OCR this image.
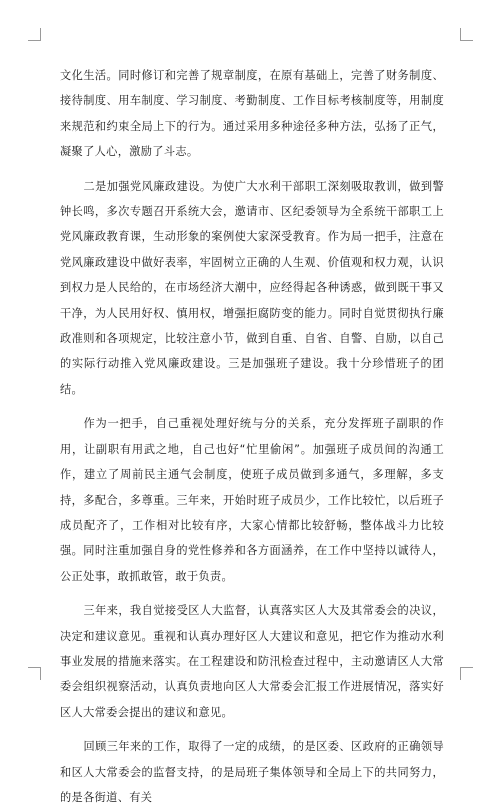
文化生活。同时修订和完善了规章制度，在原有基础上，完善了财务制度、接待制度、用车制度、学习制度、考勤制度、工作目标考核制度等，用制度来规范和约束全局上下的行为。通过采用多种途径多种方法，弘扬了正气，凝聚了人心，激励了斗志。

二是加强党风廉政建设。为使广大水利干部职工深刻吸取教训，做到警钟长鸣，多次专题召开系统大会，邀请市、区纪委领导为全系统干部职工上党风廉政教育课，生动形象的案例使大家深受教育。作为局一把手，注意在党风廉政建设中做好表率，牢固树立正确的人生观、价值观和权力观，认识到权力是人民给的，在市场经济大潮中，应经得起各种诱惑，做到既干事又干净，为人民用好权、慎用权，增强拒腐防变的能力。同时自觉贯彻执行廉政准则和各项规定，比较注意小节，做到自重、自省、自警、自励，以自己的实际行动推入党风廉政建设。三是加强班子建设。我十分珍惜班子的团结。

作为一把手，自己重视处理好统与分的关系，充分发挥班子副职的作用，让副职有用武之地，自己也好“忙里偷闲”。加强班子成员间的沟通工作，建立了周前民主通气会制度，使班子成员做到多通气，多理解，多支持，多配合，多尊重。三年来，开始时班子成员少，工作比较忙，以后班子成员配齐了，工作相对比较有序，大家心情都比较舒畅，整体战斗力比较强。同时注重加强自身的党性修养和各方面涵养，在工作中坚持以诚待人，公正处事，敢抓敢管，敢于负责。

三年来，我自觉接受区人大监督，认真落实区人大及其常委会的决议，决定和建议意见。重视和认真办理好区人大建议和意见，把它作为推动水利事业发展的措施来落实。在工程建设和防汛检查过程中，主动邀请区人大常委会组织视察活动，认真负责地向区人大常委会汇报工作进展情况，落实好区人大常委会提出的建议和意见。

回顾三年来的工作，取得了一定的成绩，的是区委、区政府的正确领导和区人大常委会的监督支持，的是局班子集体领导和全局上下的共同努力，的是各街道、有关
